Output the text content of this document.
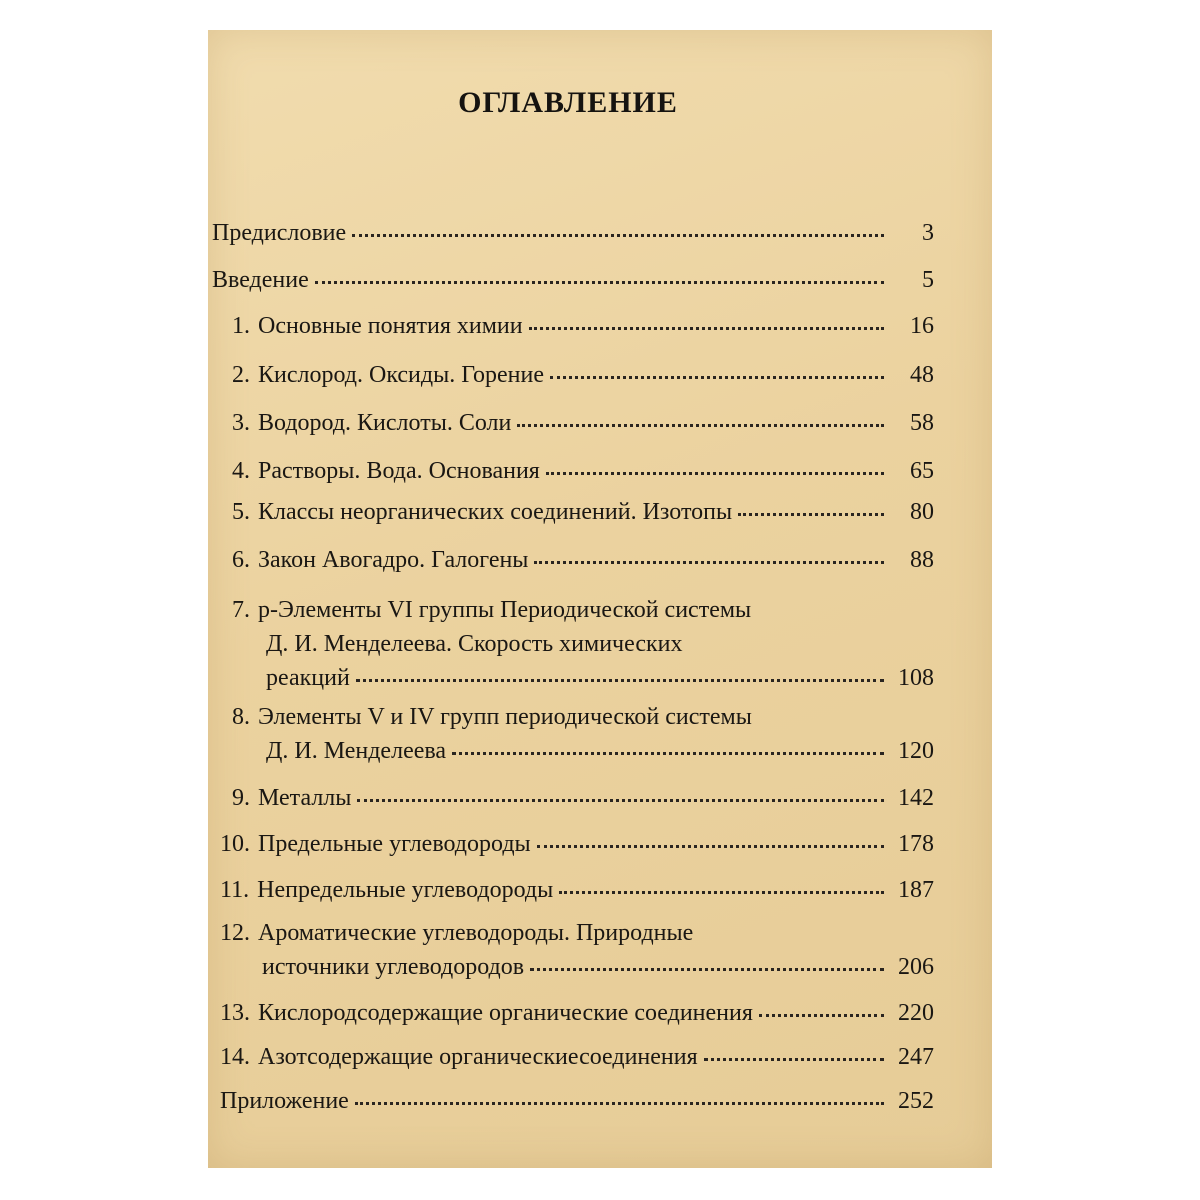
ОГЛАВЛЕНИЕ
Предисловие	3
Введение	5
1. Основные понятия химии	16
2. Кислород. Оксиды. Горение	48
3. Водород. Кислоты. Соли	58
4. Растворы. Вода. Основания	65
5. Классы неорганических соединений. Изотопы	80
6. Закон Авогадро. Галогены	88
7. р-Элементы VI группы Периодической системы
Д. И. Менделеева. Скорость химических
реакций	108
8. Элементы V и IV групп периодической системы
Д. И. Менделеева	120
9. Металлы	142
10. Предельные углеводороды	178
11. Непредельные углеводороды	187
12. Ароматические углеводороды. Природные
источники углеводородов	206
13. Кислородсодержащие органические соединения	220
14. Азотсодержащие органическиесоединения	247
Приложение	252
